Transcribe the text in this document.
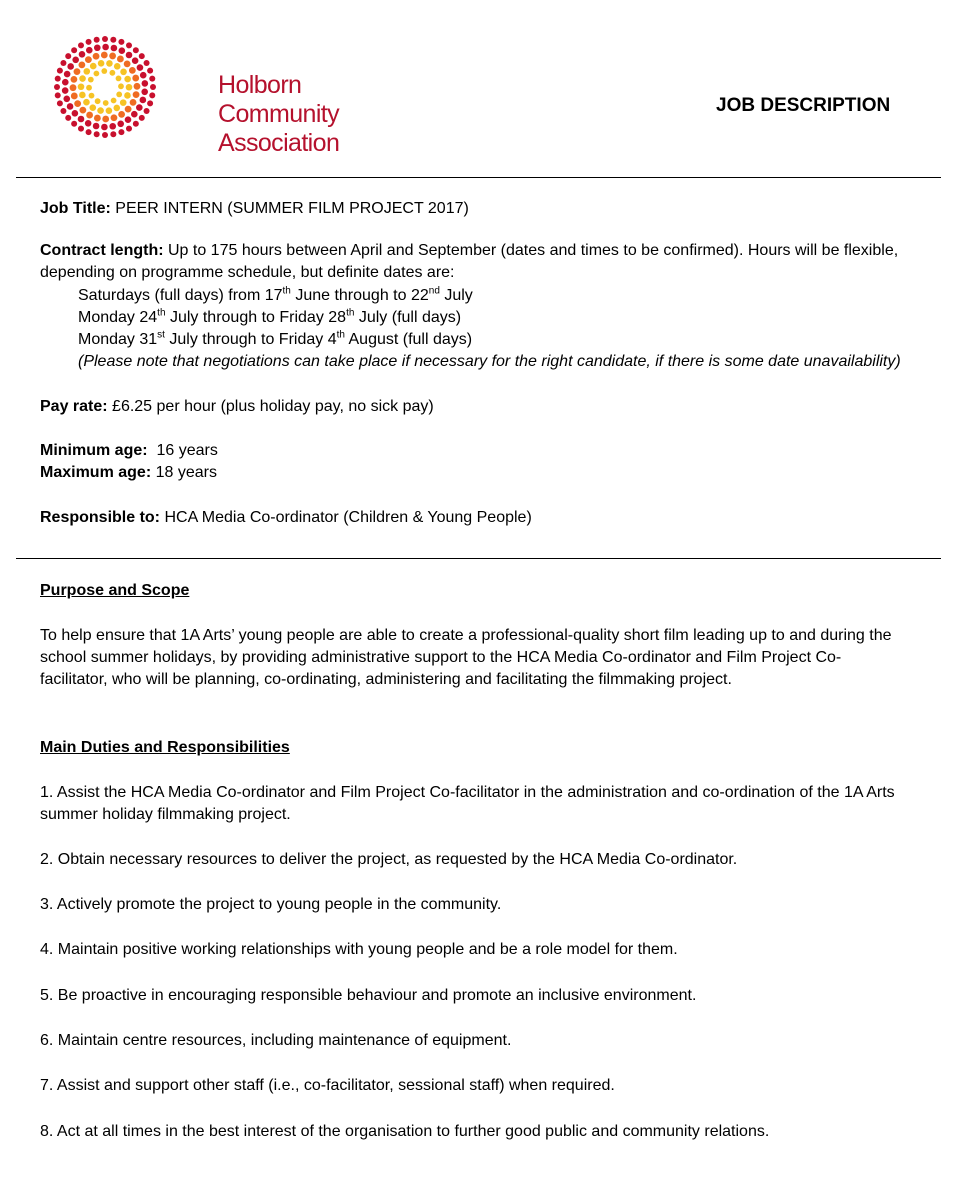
Holborn
Community
Association
JOB DESCRIPTION
Job Title: PEER INTERN (SUMMER FILM PROJECT 2017)
Contract length: Up to 175 hours between April and September (dates and times to be confirmed). Hours will be flexible,
depending on programme schedule, but definite dates are:
Saturdays (full days) from 17th June through to 22nd July
Monday 24th July through to Friday 28th July (full days)
Monday 31st July through to Friday 4th August (full days)
(Please note that negotiations can take place if necessary for the right candidate, if there is some date unavailability)
Pay rate: £6.25 per hour (plus holiday pay, no sick pay)
Minimum age:  16 years
Maximum age: 18 years
Responsible to: HCA Media Co-ordinator (Children & Young People)
Purpose and Scope
To help ensure that 1A Arts’ young people are able to create a professional-quality short film leading up to and during the
school summer holidays, by providing administrative support to the HCA Media Co-ordinator and Film Project Co-
facilitator, who will be planning, co-ordinating, administering and facilitating the filmmaking project.
Main Duties and Responsibilities
1. Assist the HCA Media Co-ordinator and Film Project Co-facilitator in the administration and co-ordination of the 1A Arts
summer holiday filmmaking project.
2. Obtain necessary resources to deliver the project, as requested by the HCA Media Co-ordinator.
3. Actively promote the project to young people in the community.
4. Maintain positive working relationships with young people and be a role model for them.
5. Be proactive in encouraging responsible behaviour and promote an inclusive environment.
6. Maintain centre resources, including maintenance of equipment.
7. Assist and support other staff (i.e., co-facilitator, sessional staff) when required.
8. Act at all times in the best interest of the organisation to further good public and community relations.
